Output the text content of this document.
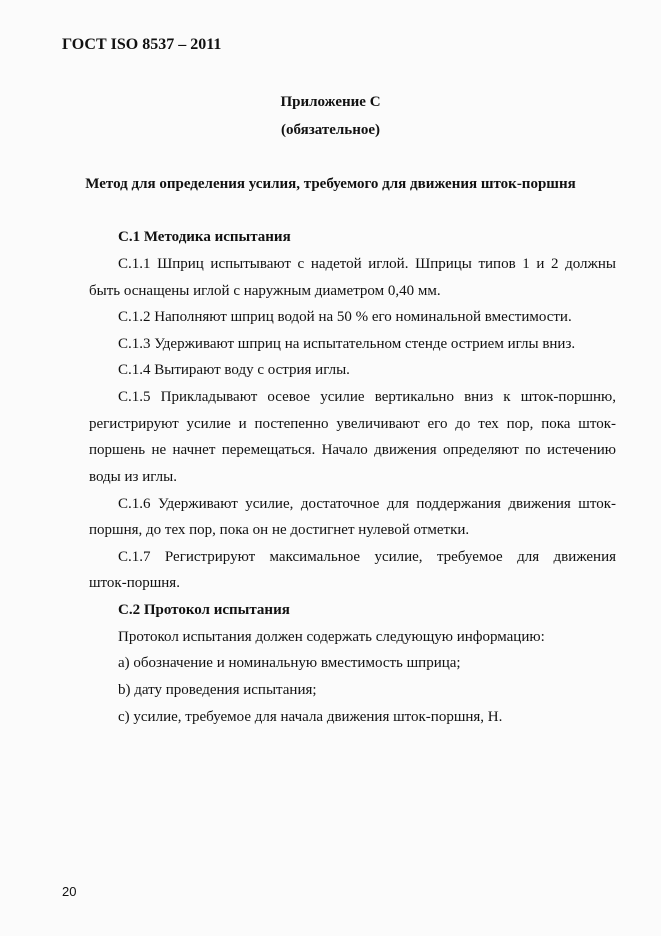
ГОСТ ISO 8537 – 2011
Приложение С
(обязательное)
Метод для определения усилия, требуемого для движения шток-поршня
С.1 Методика испытания
С.1.1 Шприц испытывают с надетой иглой. Шприцы типов 1 и 2 должны
быть оснащены иглой с наружным диаметром 0,40 мм.
С.1.2 Наполняют шприц водой на 50 % его номинальной вместимости.
С.1.3 Удерживают шприц на испытательном стенде острием иглы вниз.
С.1.4 Вытирают воду с острия иглы.
С.1.5 Прикладывают осевое усилие вертикально вниз к шток-поршню,
регистрируют усилие и постепенно увеличивают его до тех пор, пока шток-
поршень не начнет перемещаться. Начало движения определяют по истечению
воды из иглы.
С.1.6 Удерживают усилие, достаточное для поддержания движения шток-
поршня, до тех пор, пока он не достигнет нулевой отметки.
С.1.7 Регистрируют максимальное усилие, требуемое для движения
шток-поршня.
С.2 Протокол испытания
Протокол испытания должен содержать следующую информацию:
а) обозначение и номинальную вместимость шприца;
b) дату проведения испытания;
с) усилие, требуемое для начала движения шток-поршня, Н.
20
